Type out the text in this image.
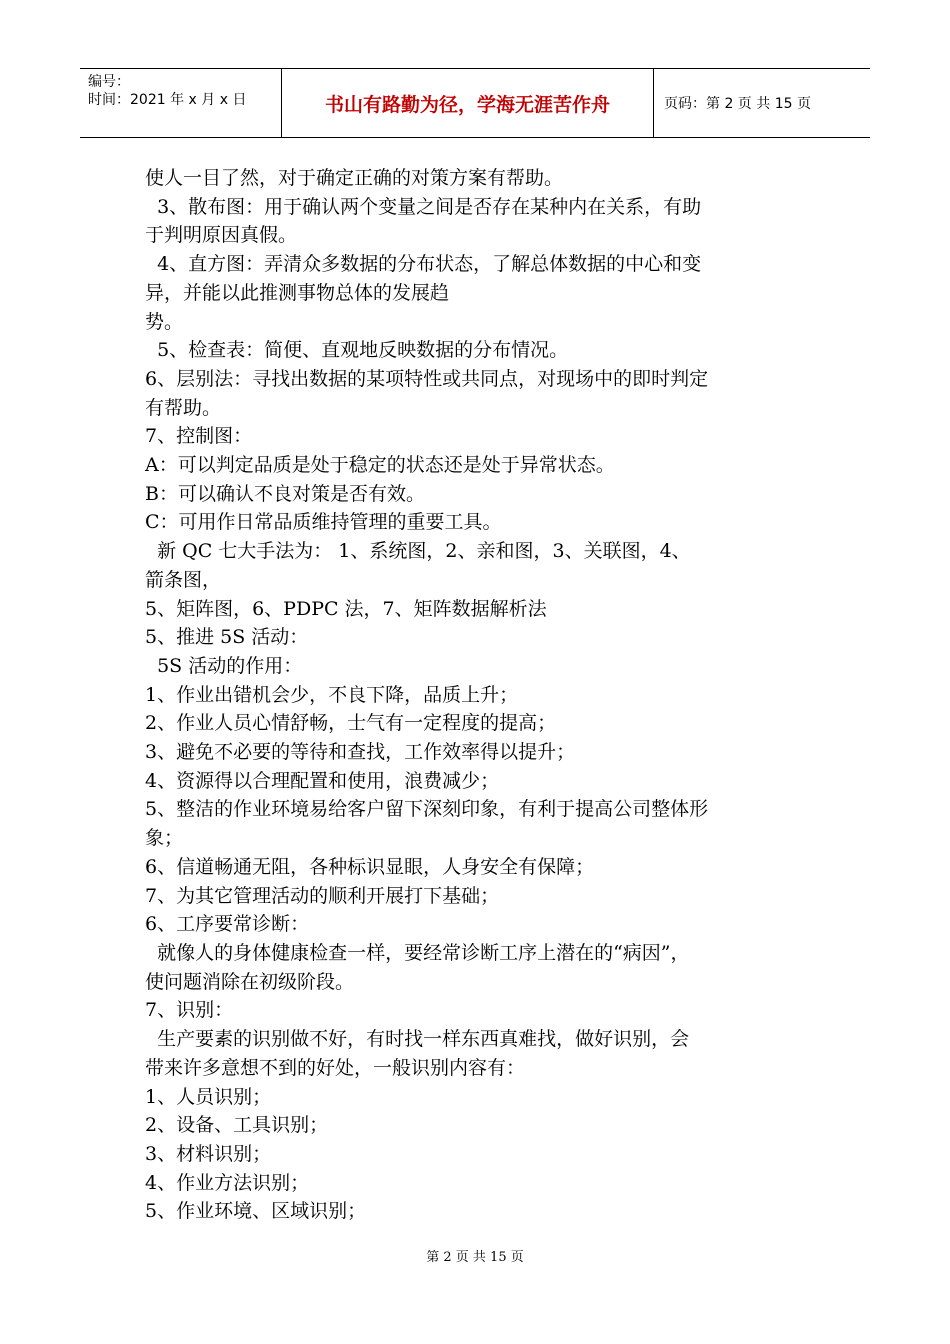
编号：
时间：2021 年 x 月 x 日	书山有路勤为径，学海无涯苦作舟	页码：第 2 页 共 15 页

使人一目了然，对于确定正确的对策方案有帮助。

3、散布图：用于确认两个变量之间是否存在某种内在关系，有助

于判明原因真假。

4、直方图：弄清众多数据的分布状态，了解总体数据的中心和变

异，并能以此推测事物总体的发展趋

势。

5、检查表：简便、直观地反映数据的分布情况。

6、层别法：寻找出数据的某项特性或共同点，对现场中的即时判定

有帮助。

7、控制图：

A：可以判定品质是处于稳定的状态还是处于异常状态。

B：可以确认不良对策是否有效。

C：可用作日常品质维持管理的重要工具。

新 QC 七大手法为： 1、系统图，2、亲和图，3、关联图，4、

箭条图，

5、矩阵图，6、PDPC 法，7、矩阵数据解析法

5、推进 5S 活动：

5S 活动的作用：

1、作业出错机会少，不良下降，品质上升；

2、作业人员心情舒畅，士气有一定程度的提高；

3、避免不必要的等待和查找，工作效率得以提升；

4、资源得以合理配置和使用，浪费减少；

5、整洁的作业环境易给客户留下深刻印象，有利于提高公司整体形

象；

6、信道畅通无阻，各种标识显眼，人身安全有保障；

7、为其它管理活动的顺利开展打下基础；

6、工序要常诊断：

就像人的身体健康检查一样，要经常诊断工序上潜在的“病因”，

使问题消除在初级阶段。

7、识别：

生产要素的识别做不好，有时找一样东西真难找，做好识别，会

带来许多意想不到的好处，一般识别内容有：

1、人员识别；

2、设备、工具识别；

3、材料识别；

4、作业方法识别；

5、作业环境、区域识别；

第 2 页 共 15 页
